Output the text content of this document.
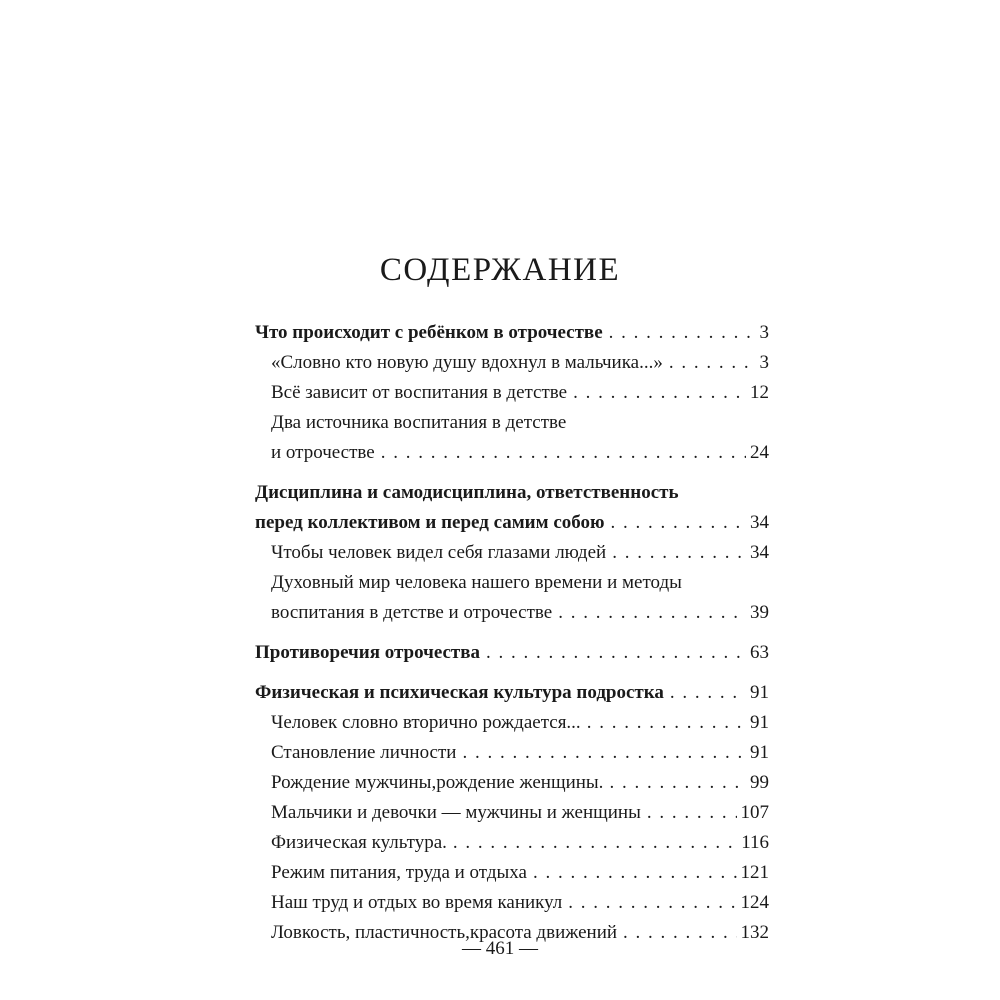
СОДЕРЖАНИЕ
Что происходит с ребёнком в отрочестве . . .	3
«Словно кто новую душу вдохнул в мальчика...» . . .	3
Всё зависит от воспитания в детстве . . .	12
Два источника воспитания в детстве
и отрочестве . . .	24
Дисциплина и самодисциплина, ответственность
перед коллективом и перед самим собою . . .	34
Чтобы человек видел себя глазами людей . . .	34
Духовный мир человека нашего времени и методы
воспитания в детстве и отрочестве . . .	39
Противоречия отрочества . . .	63
Физическая и психическая культура подростка . . .	91
Человек словно вторично рождается... . . .	91
Становление личности . . .	91
Рождение мужчины,рождение женщины. . . .	99
Мальчики и девочки — мужчины и женщины . . .	107
Физическая культура. . . .	116
Режим питания, труда и отдыха . . .	121
Наш труд и отдых во время каникул . . .	124
Ловкость, пластичность,красота движений . . .	132
— 461 —
